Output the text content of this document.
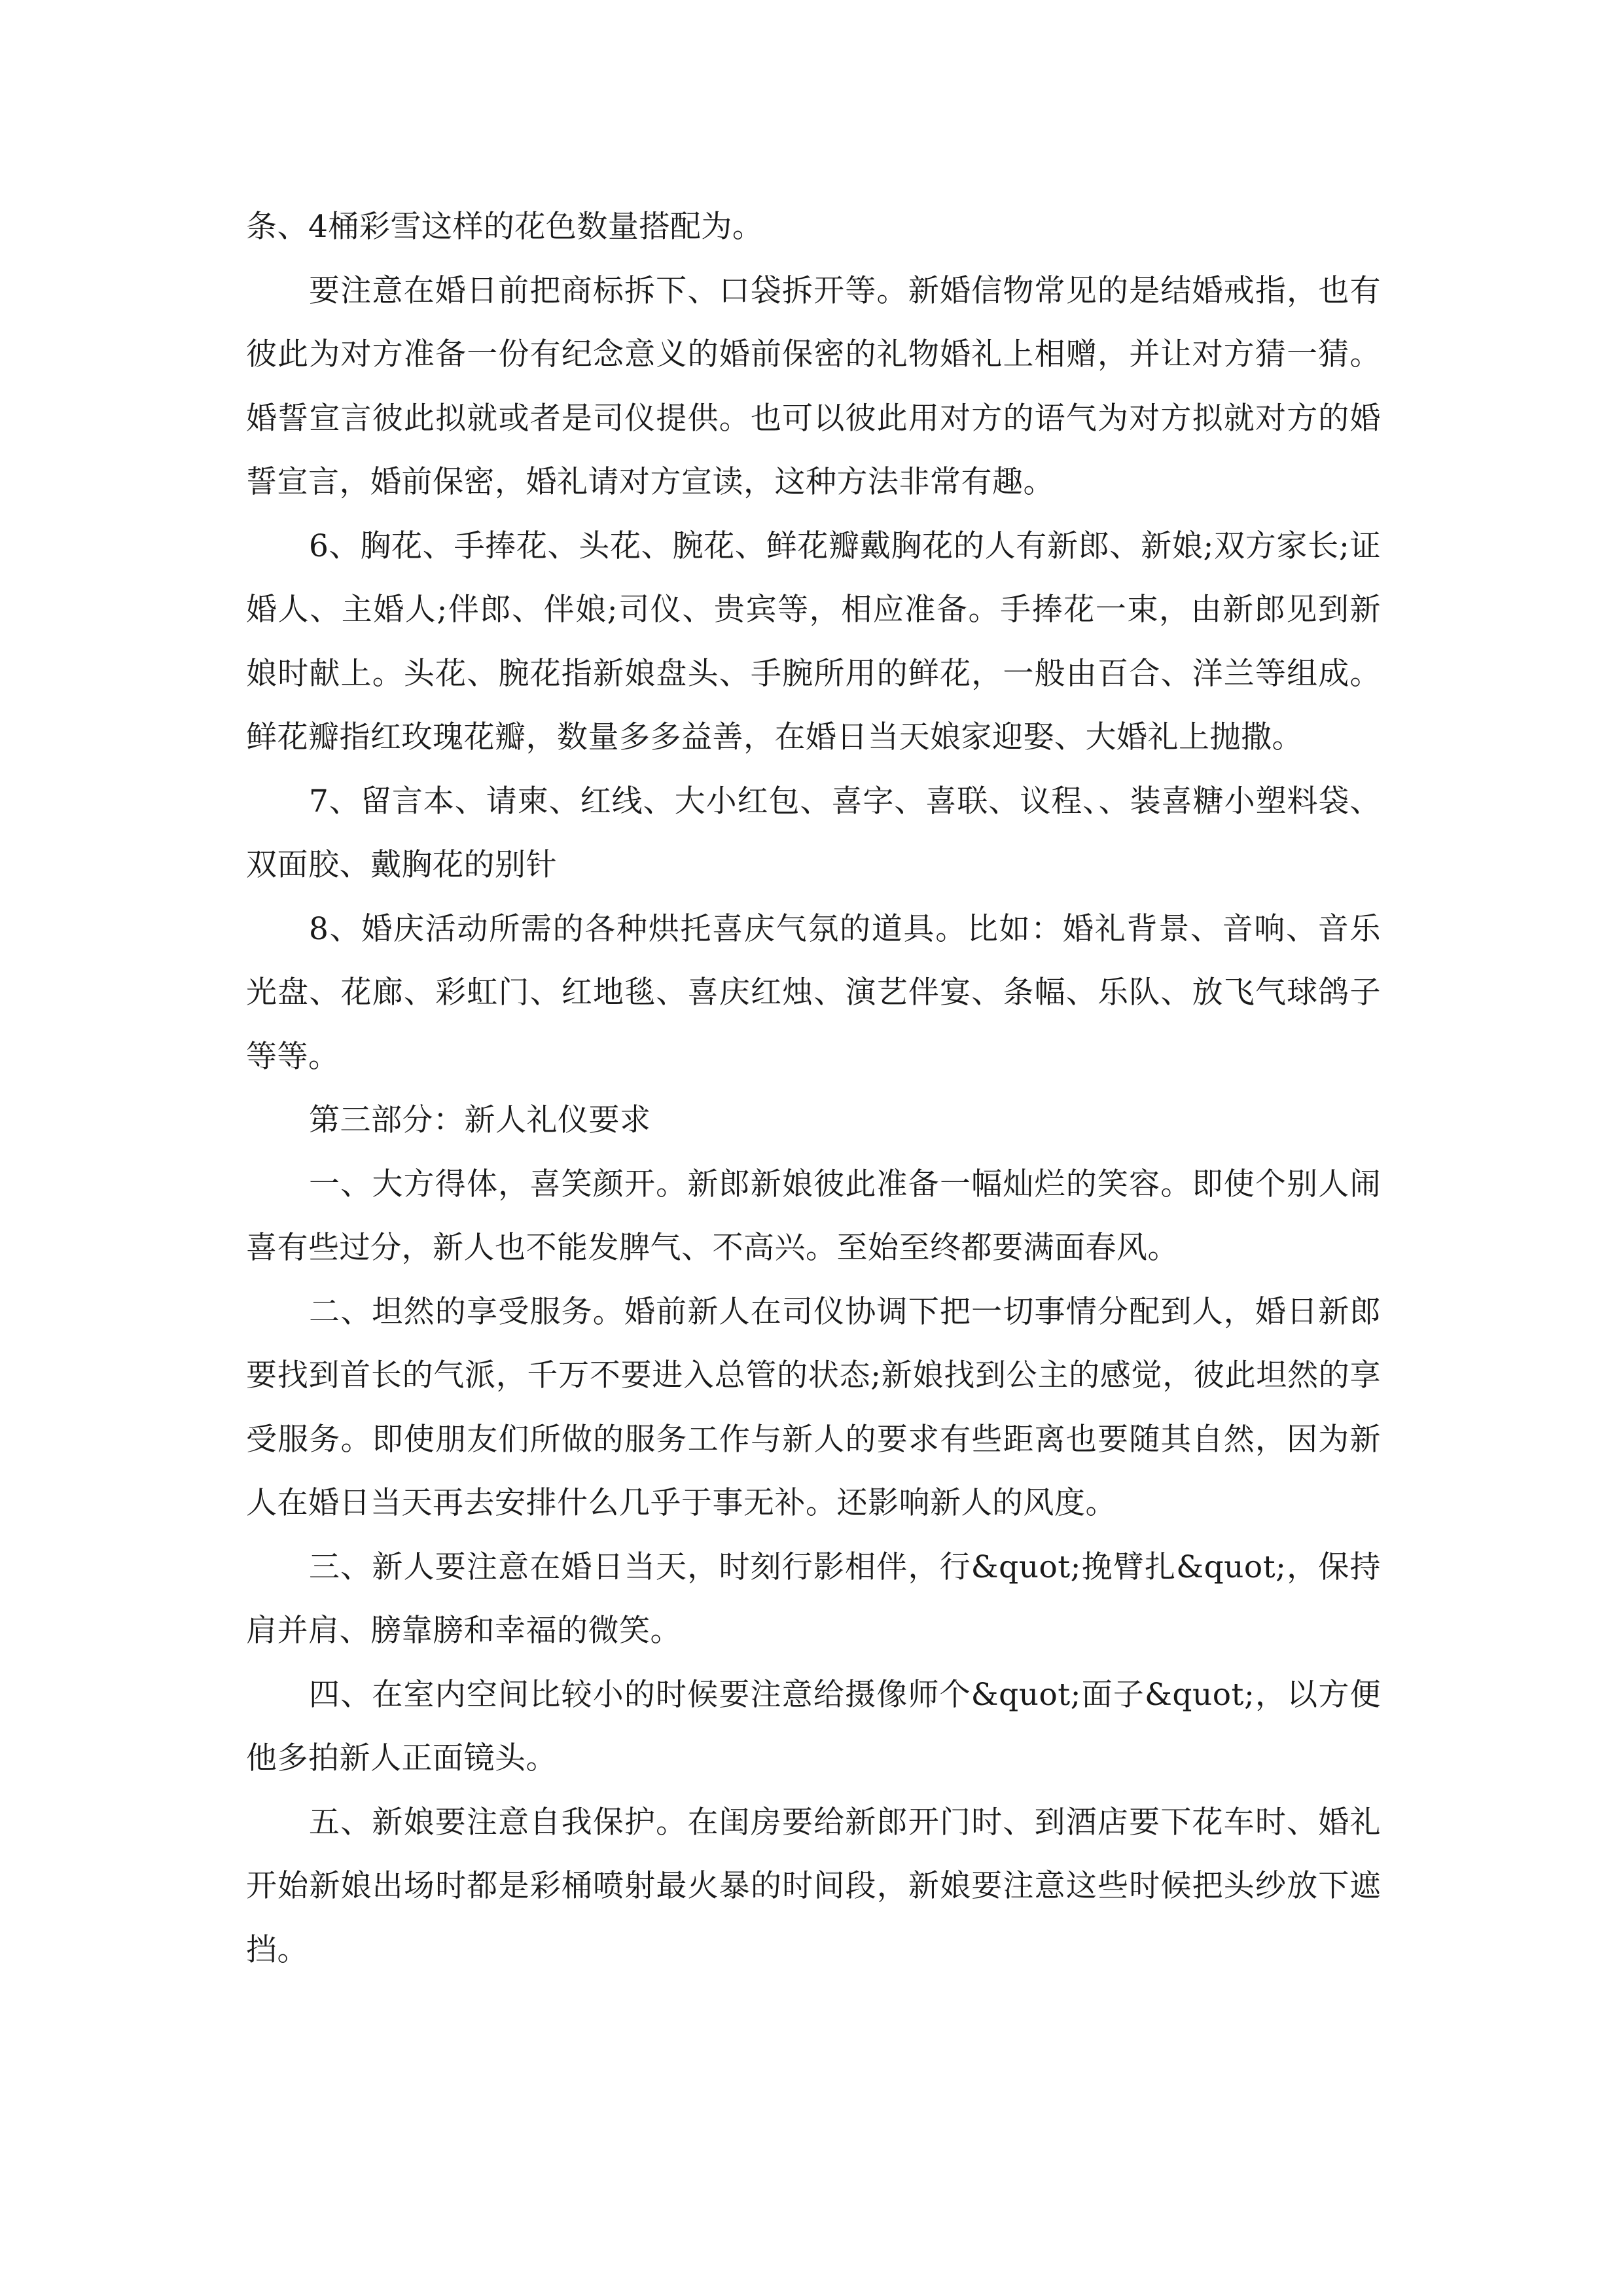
条、4桶彩雪这样的花色数量搭配为。

要注意在婚日前把商标拆下、口袋拆开等。新婚信物常见的是结婚戒指，也有彼此为对方准备一份有纪念意义的婚前保密的礼物婚礼上相赠，并让对方猜一猜。婚誓宣言彼此拟就或者是司仪提供。也可以彼此用对方的语气为对方拟就对方的婚誓宣言，婚前保密，婚礼请对方宣读，这种方法非常有趣。

6、胸花、手捧花、头花、腕花、鲜花瓣戴胸花的人有新郎、新娘;双方家长;证婚人、主婚人;伴郎、伴娘;司仪、贵宾等，相应准备。手捧花一束，由新郎见到新娘时献上。头花、腕花指新娘盘头、手腕所用的鲜花，一般由百合、洋兰等组成。鲜花瓣指红玫瑰花瓣，数量多多益善，在婚日当天娘家迎娶、大婚礼上抛撒。

7、留言本、请柬、红线、大小红包、喜字、喜联、议程、、装喜糖小塑料袋、双面胶、戴胸花的别针

8、婚庆活动所需的各种烘托喜庆气氛的道具。比如：婚礼背景、音响、音乐光盘、花廊、彩虹门、红地毯、喜庆红烛、演艺伴宴、条幅、乐队、放飞气球鸽子等等。

第三部分：新人礼仪要求

一、大方得体，喜笑颜开。新郎新娘彼此准备一幅灿烂的笑容。即使个别人闹喜有些过分，新人也不能发脾气、不高兴。至始至终都要满面春风。

二、坦然的享受服务。婚前新人在司仪协调下把一切事情分配到人，婚日新郎要找到首长的气派，千万不要进入总管的状态;新娘找到公主的感觉，彼此坦然的享受服务。即使朋友们所做的服务工作与新人的要求有些距离也要随其自然，因为新人在婚日当天再去安排什么几乎于事无补。还影响新人的风度。

三、新人要注意在婚日当天，时刻行影相伴，行&quot;挽臂扎&quot;，保持肩并肩、膀靠膀和幸福的微笑。

四、在室内空间比较小的时候要注意给摄像师个&quot;面子&quot;，以方便他多拍新人正面镜头。

五、新娘要注意自我保护。在闺房要给新郎开门时、到酒店要下花车时、婚礼开始新娘出场时都是彩桶喷射最火暴的时间段，新娘要注意这些时候把头纱放下遮挡。
